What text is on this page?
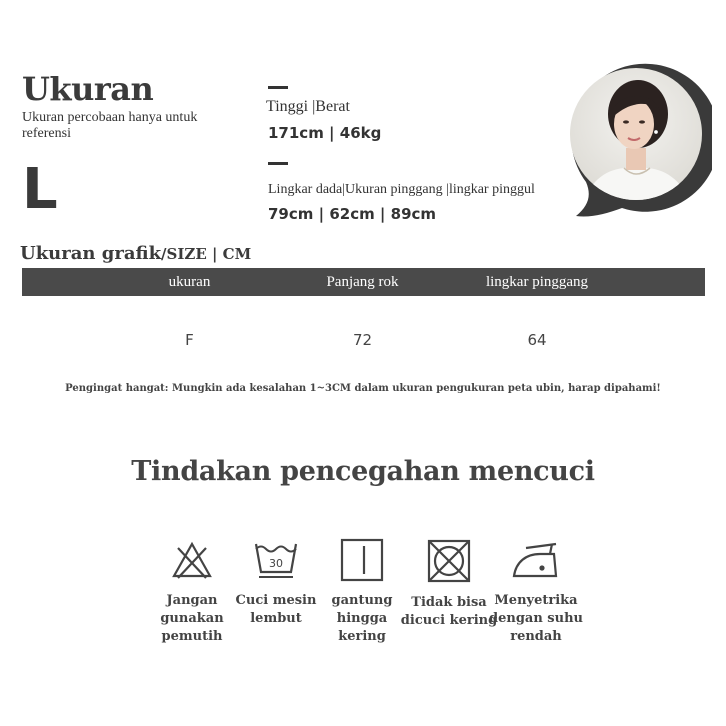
Ukuran
Ukuran percobaan hanya untuk referensi
L
Tinggi |Berat
171cm | 46kg
Lingkar dada|Ukuran pinggang |lingkar pinggul
79cm | 62cm | 89cm
Ukuran grafik/SIZE | CM
ukuran	Panjang rok	lingkar pinggang
F	72	64
Pengingat hangat: Mungkin ada kesalahan 1~3CM dalam ukuran pengukuran peta ubin, harap dipahami!
Tindakan pencegahan mencuci
Jangan gunakan pemutih
30
Cuci mesin lembut
gantung hingga kering
Tidak bisa dicuci kering
Menyetrika dengan suhu rendah
